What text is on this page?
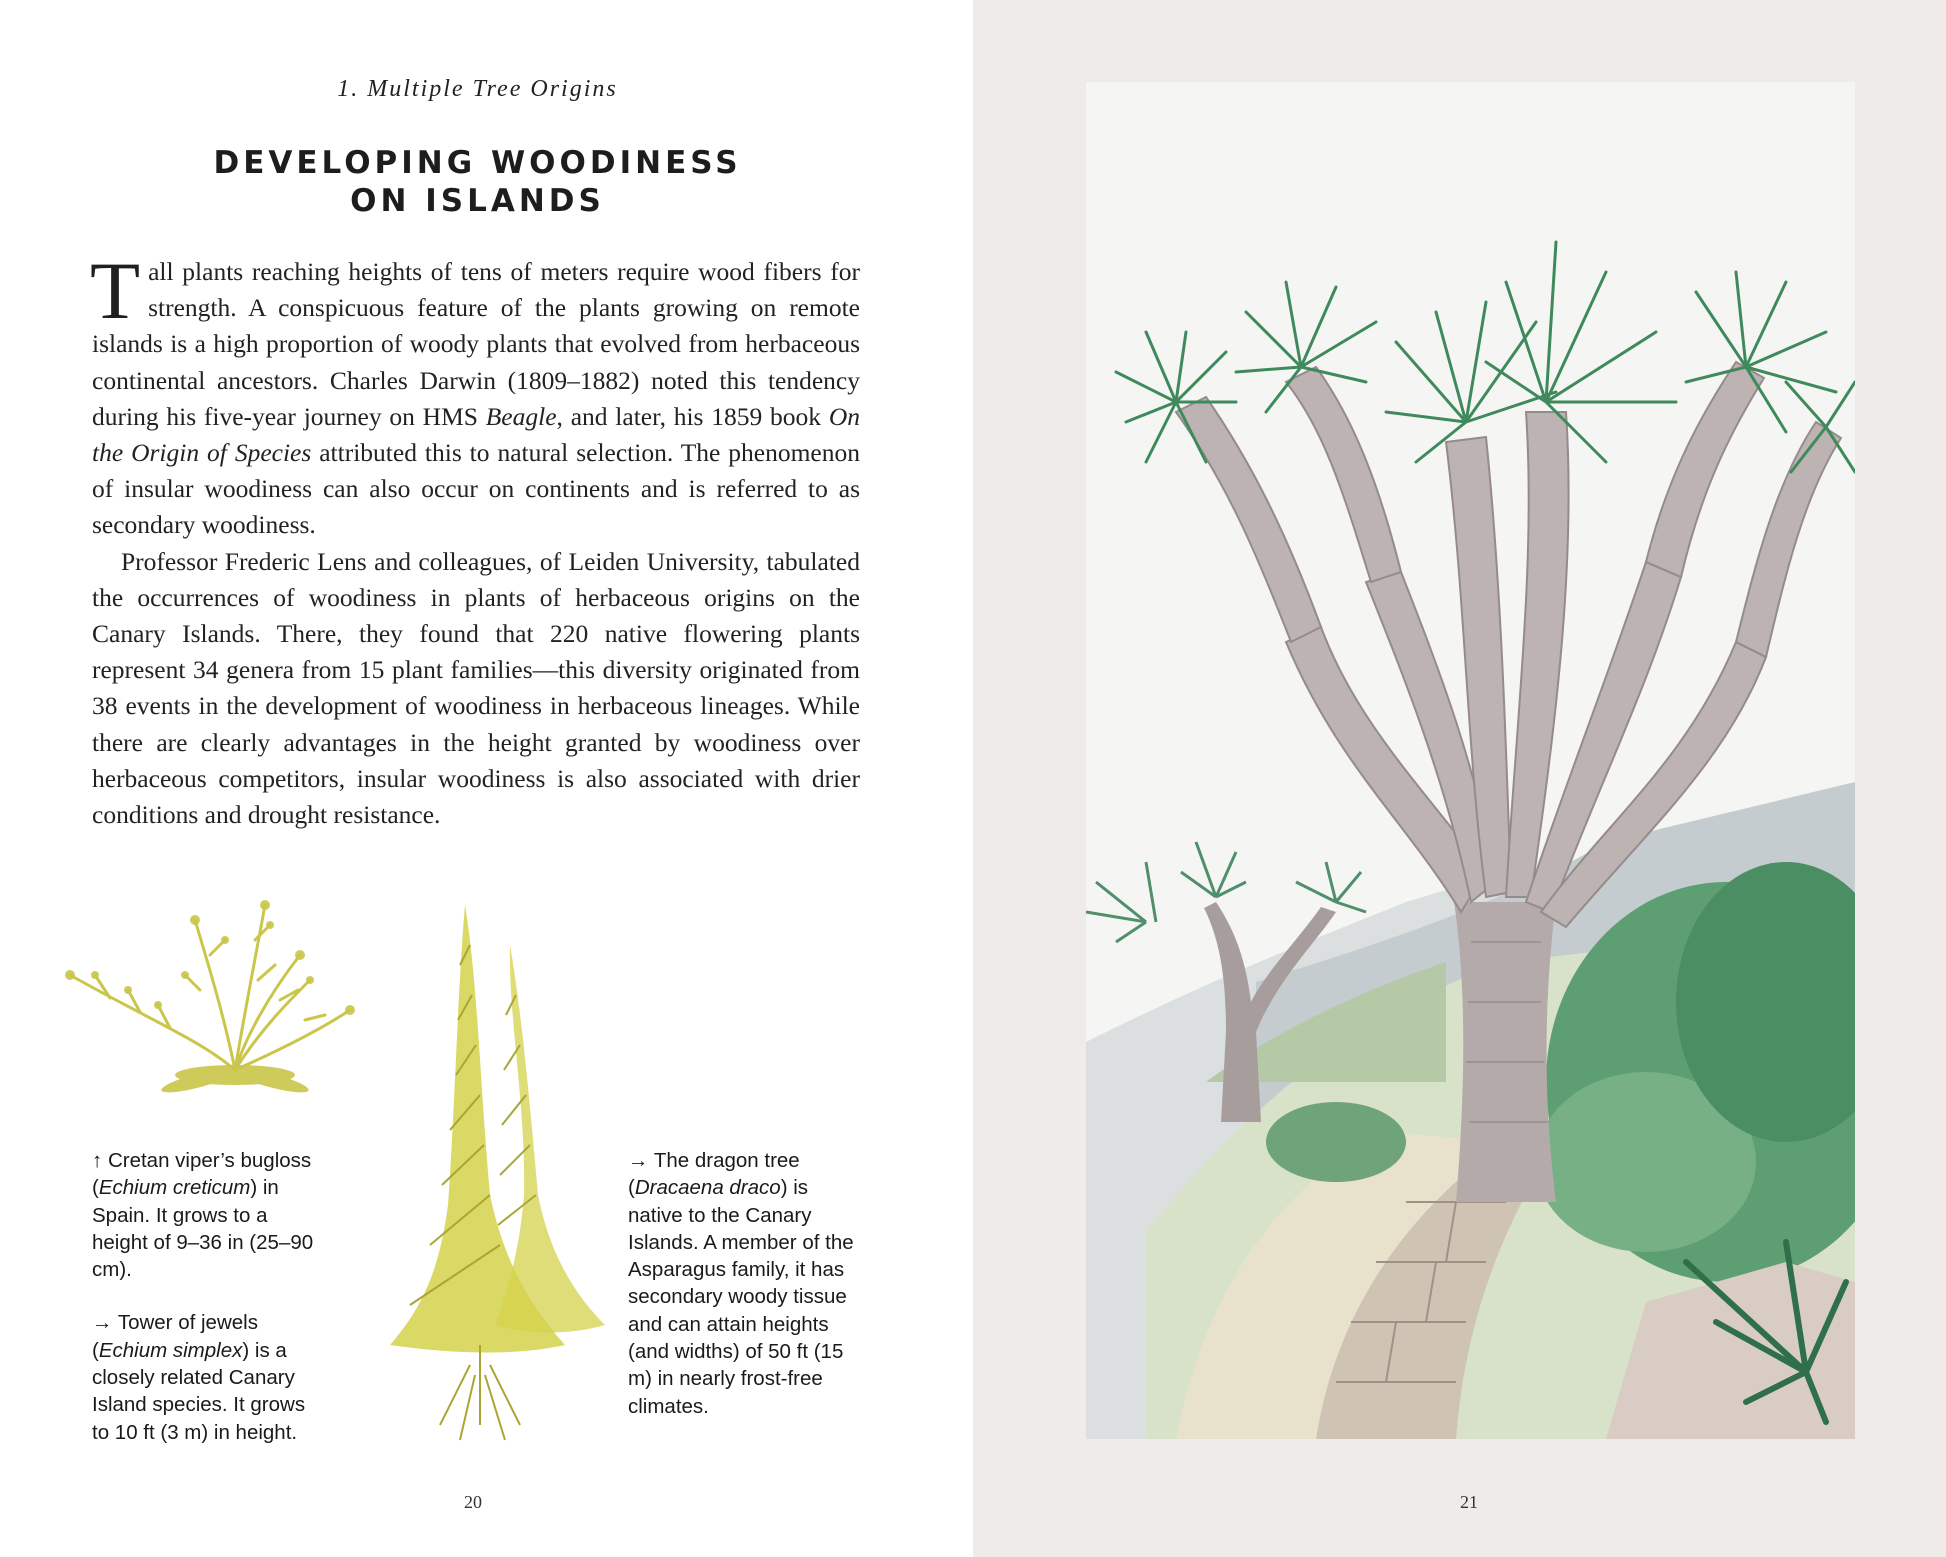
1. Multiple Tree Origins
DEVELOPING WOODINESS
ON ISLANDS

Tall plants reaching heights of tens of meters require wood fibers for strength. A conspicuous feature of the plants growing on remote islands is a high proportion of woody plants that evolved from herbaceous continental ancestors. Charles Darwin (1809–1882) noted this tendency during his five-year journey on HMS Beagle, and later, his 1859 book On the Origin of Species attributed this to natural selection. The phenomenon of insular woodiness can also occur on continents and is referred to as secondary woodiness.

Professor Frederic Lens and colleagues, of Leiden University, tabulated the occurrences of woodiness in plants of herbaceous origins on the Canary Islands. There, they found that 220 native flowering plants represent 34 genera from 15 plant families—this diversity originated from 38 events in the development of woodiness in herbaceous lineages. While there are clearly advantages in the height granted by woodiness over herbaceous competitors, insular woodiness is also associated with drier conditions and drought resistance.

↑ Cretan viper’s bugloss (Echium creticum) in Spain. It grows to a height of 9–36 in (25–90 cm).

→ Tower of jewels (Echium simplex) is a closely related Canary Island species. It grows to 10 ft (3 m) in height.

→ The dragon tree (Dracaena draco) is native to the Canary Islands. A member of the Asparagus family, it has secondary woody tissue and can attain heights (and widths) of 50 ft (15 m) in nearly frost-free climates.

20	21
